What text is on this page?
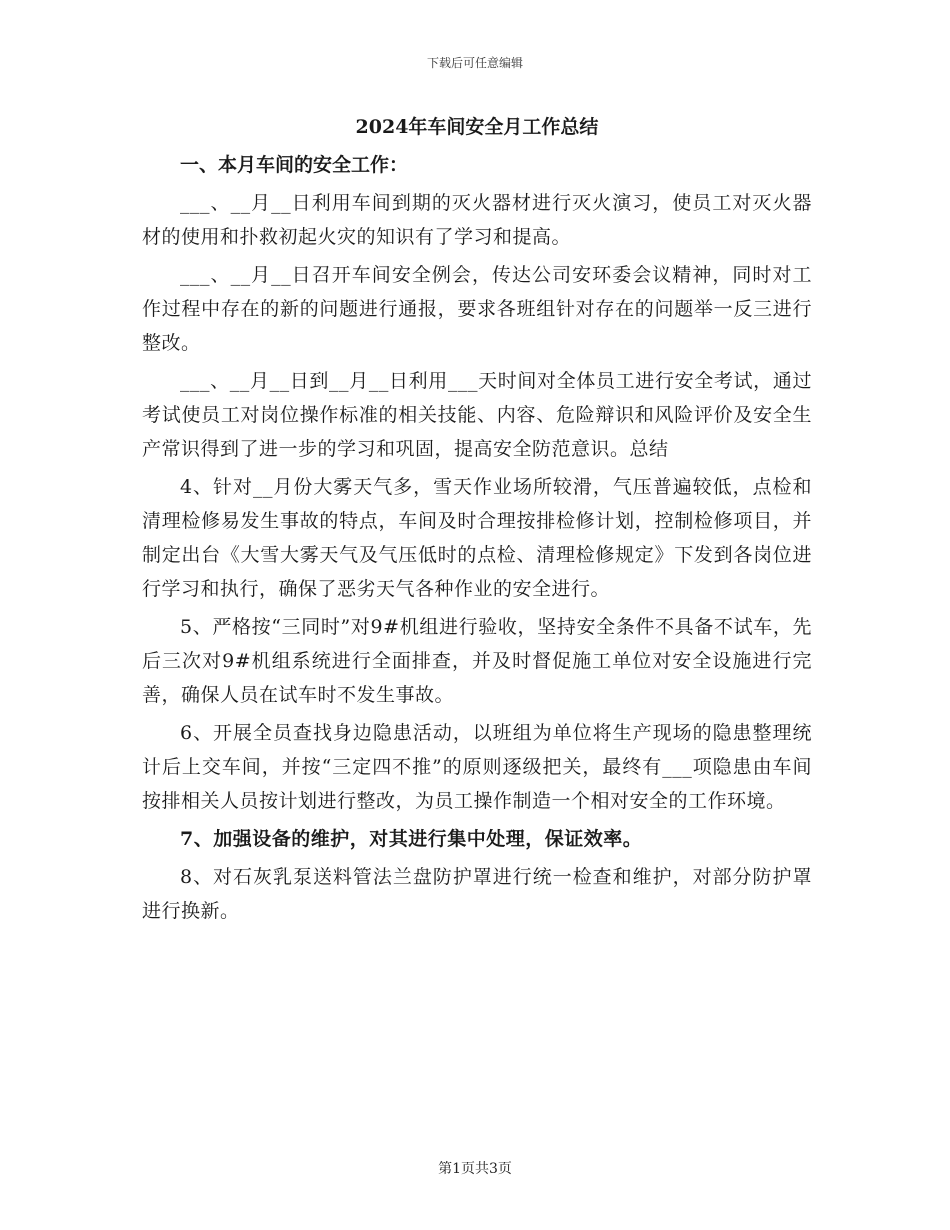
下载后可任意编辑
2024年车间安全月工作总结
一、本月车间的安全工作：

___、__月__日利用车间到期的灭火器材进行灭火演习，使员工对灭火器材的使用和扑救初起火灾的知识有了学习和提高。

___、__月__日召开车间安全例会，传达公司安环委会议精神，同时对工作过程中存在的新的问题进行通报，要求各班组针对存在的问题举一反三进行整改。

___、__月__日到__月__日利用___天时间对全体员工进行安全考试，通过考试使员工对岗位操作标准的相关技能、内容、危险辩识和风险评价及安全生产常识得到了进一步的学习和巩固，提高安全防范意识。总结

4、针对__月份大雾天气多，雪天作业场所较滑，气压普遍较低，点检和清理检修易发生事故的特点，车间及时合理按排检修计划，控制检修项目，并制定出台《大雪大雾天气及气压低时的点检、清理检修规定》下发到各岗位进行学习和执行，确保了恶劣天气各种作业的安全进行。

5、严格按“三同时”对9#机组进行验收，坚持安全条件不具备不试车，先后三次对9#机组系统进行全面排查，并及时督促施工单位对安全设施进行完善，确保人员在试车时不发生事故。

6、开展全员查找身边隐患活动，以班组为单位将生产现场的隐患整理统计后上交车间，并按“三定四不推”的原则逐级把关，最终有___项隐患由车间按排相关人员按计划进行整改，为员工操作制造一个相对安全的工作环境。

7、加强设备的维护，对其进行集中处理，保证效率。

8、对石灰乳泵送料管法兰盘防护罩进行统一检查和维护，对部分防护罩进行换新。

第1页共3页
